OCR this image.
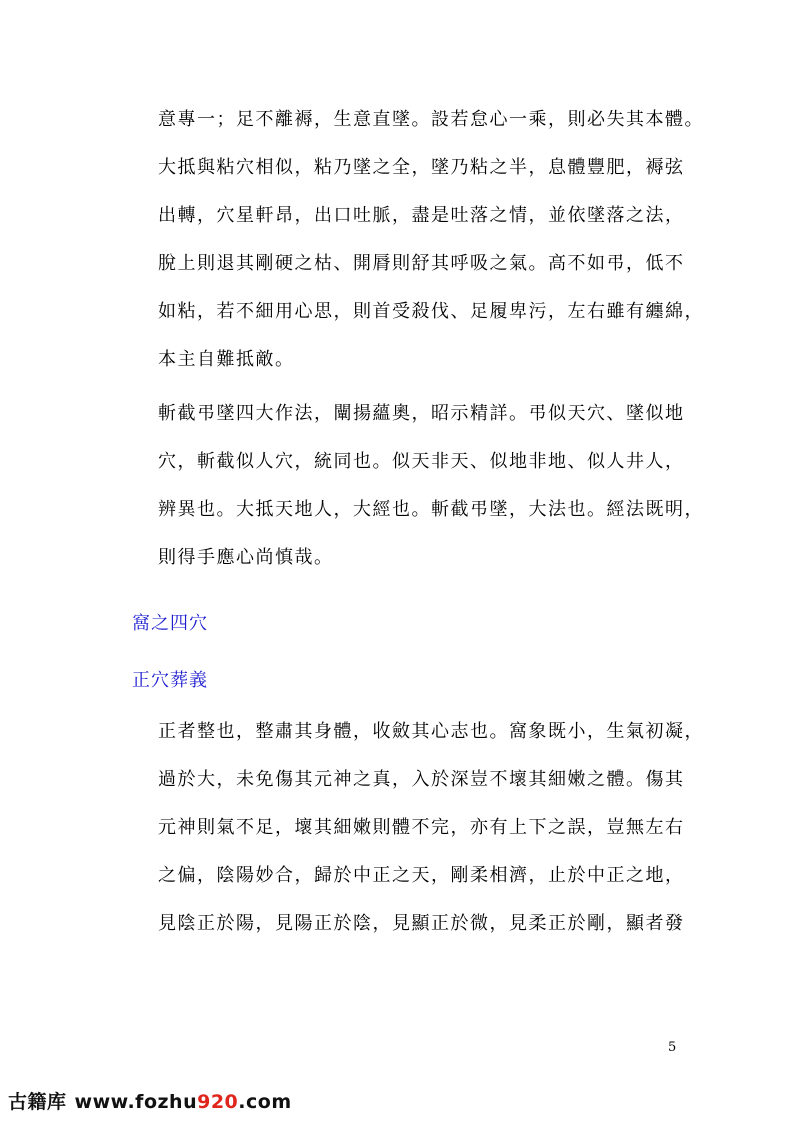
意專一；足不離褥，生意直墜。設若怠心一乘，則必失其本體。
大抵與粘穴相似，粘乃墜之全，墜乃粘之半，息體豐肥，褥弦
出轉，穴星軒昂，出口吐脈，盡是吐落之情，並依墜落之法，
脫上則退其剛硬之枯、開脣則舒其呼吸之氣。高不如弔，低不
如粘，若不細用心思，則首受殺伐、足履卑污，左右雖有纏綿，
本主自難抵敵。
斬截弔墜四大作法，闡揚蘊奧，昭示精詳。弔似天穴、墜似地
穴，斬截似人穴，統同也。似天非天、似地非地、似人井人，
辨異也。大抵天地人，大經也。斬截弔墜，大法也。經法既明，
則得手應心尚慎哉。
窩之四穴
正穴葬義
正者整也，整肅其身體，收斂其心志也。窩象既小，生氣初凝，
過於大，未免傷其元神之真，入於深豈不壞其細嫩之體。傷其
元神則氣不足，壞其細嫩則體不完，亦有上下之誤，豈無左右
之偏，陰陽妙合，歸於中正之天，剛柔相濟，止於中正之地，
見陰正於陽，見陽正於陰，見顯正於微，見柔正於剛，顯者發
5
古籍库 www.fozhu920.com
